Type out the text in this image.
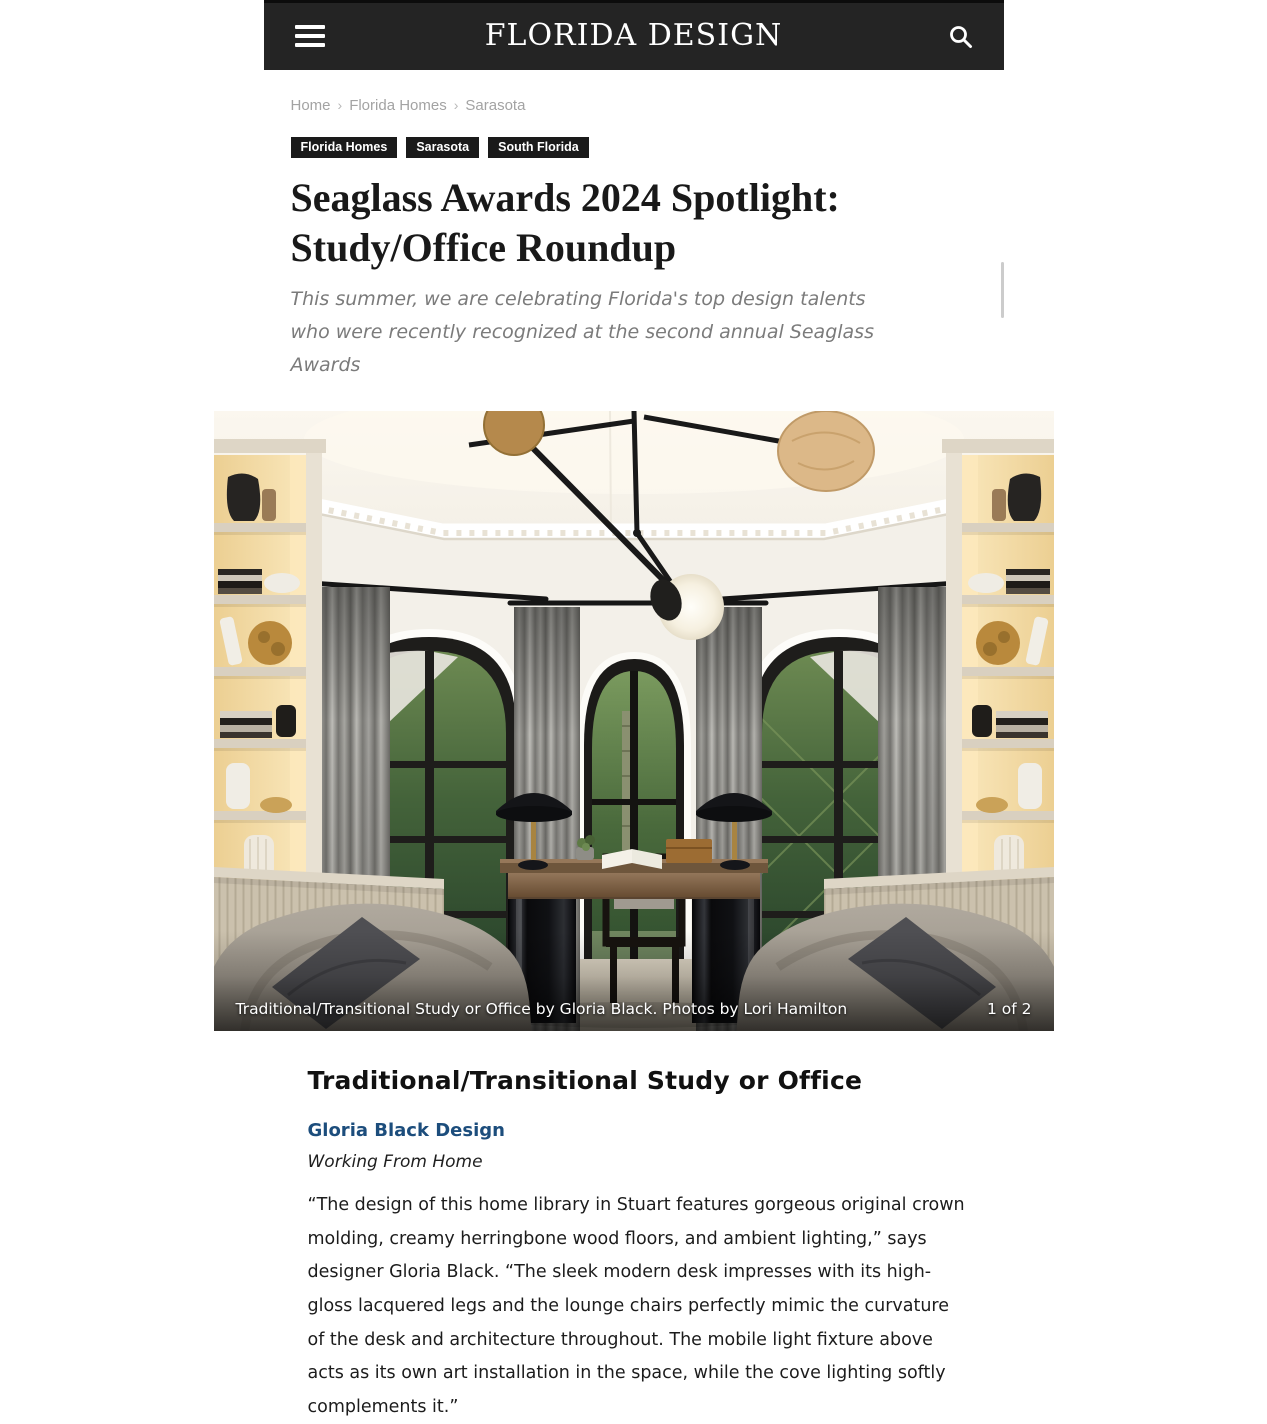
FLORIDA DESIGN
Home › Florida Homes › Sarasota
Florida Homes	Sarasota	South Florida
Seaglass Awards 2024 Spotlight: Study/Office Roundup

This summer, we are celebrating Florida's top design talents who were recently recognized at the second annual Seaglass Awards

Traditional/Transitional Study or Office by Gloria Black. Photos by Lori Hamilton	1 of 2
Traditional/Transitional Study or Office
Gloria Black Design
Working From Home

“The design of this home library in Stuart features gorgeous original crown molding, creamy herringbone wood floors, and ambient lighting,” says designer Gloria Black. “The sleek modern desk impresses with its high-gloss lacquered legs and the lounge chairs perfectly mimic the curvature of the desk and architecture throughout. The mobile light fixture above acts as its own art installation in the space, while the cove lighting softly complements it.”
